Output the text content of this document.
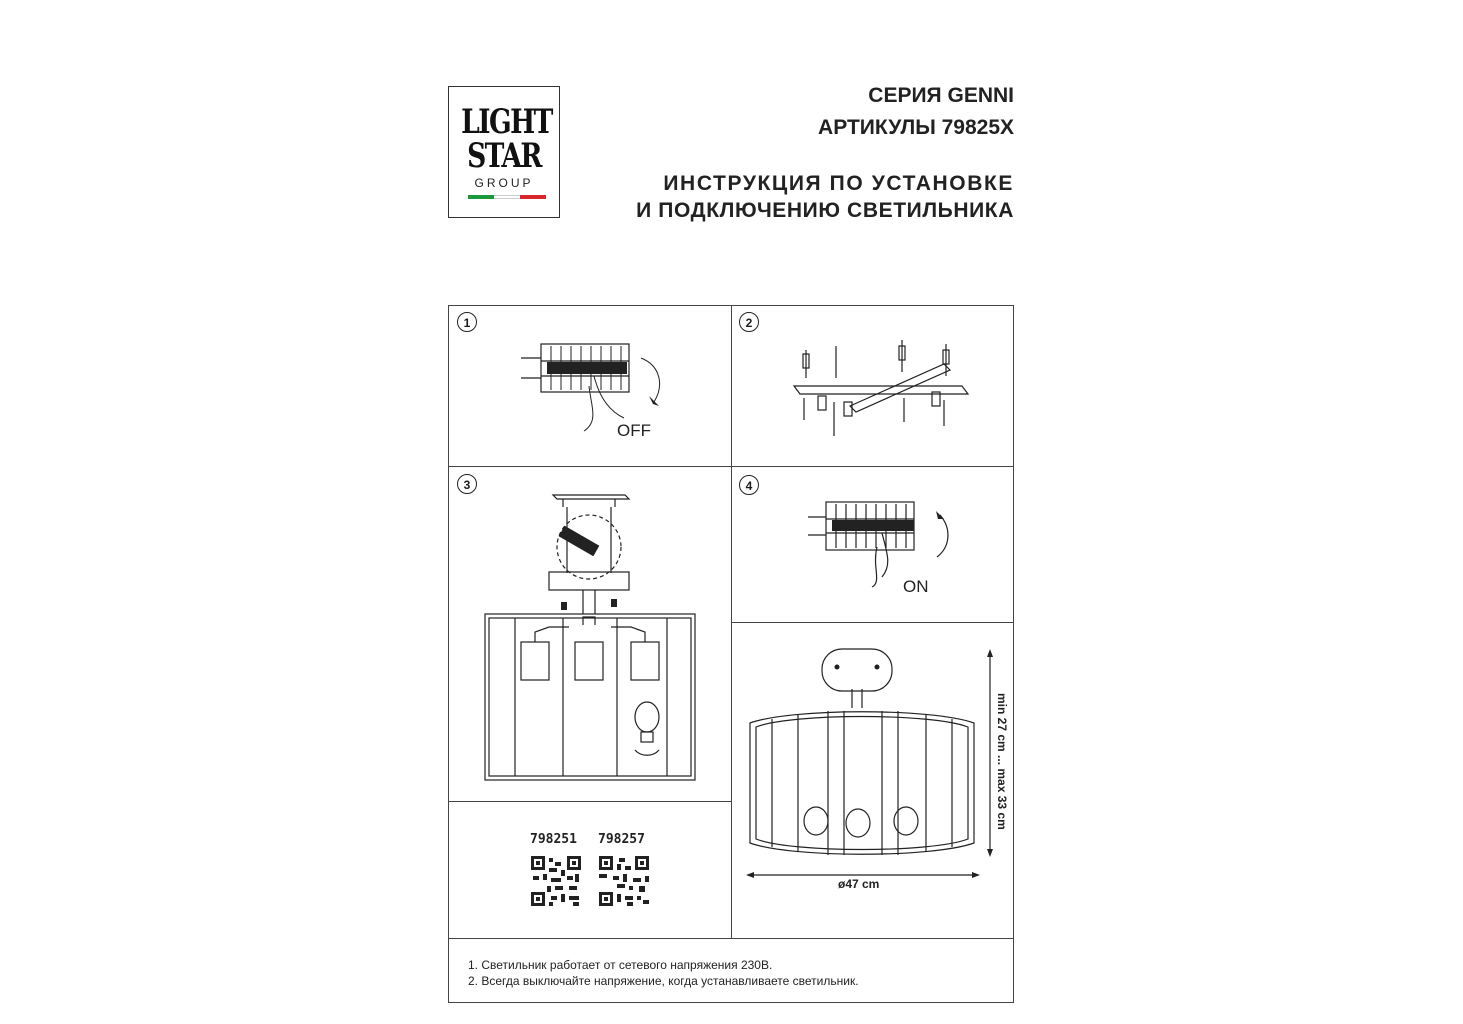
LIGHT
STAR
GROUP
СЕРИЯ GENNI
АРТИКУЛЫ 79825X
ИНСТРУКЦИЯ ПО УСТАНОВКЕ
И ПОДКЛЮЧЕНИЮ СВЕТИЛЬНИКА
1	2
3	4
OFF
ON
min 27 cm ... max 33 cm
ø47 cm
798251 798257
1. Светильник работает от сетевого напряжения 230В.
2. Всегда выключайте напряжение, когда устанавливаете светильник.
